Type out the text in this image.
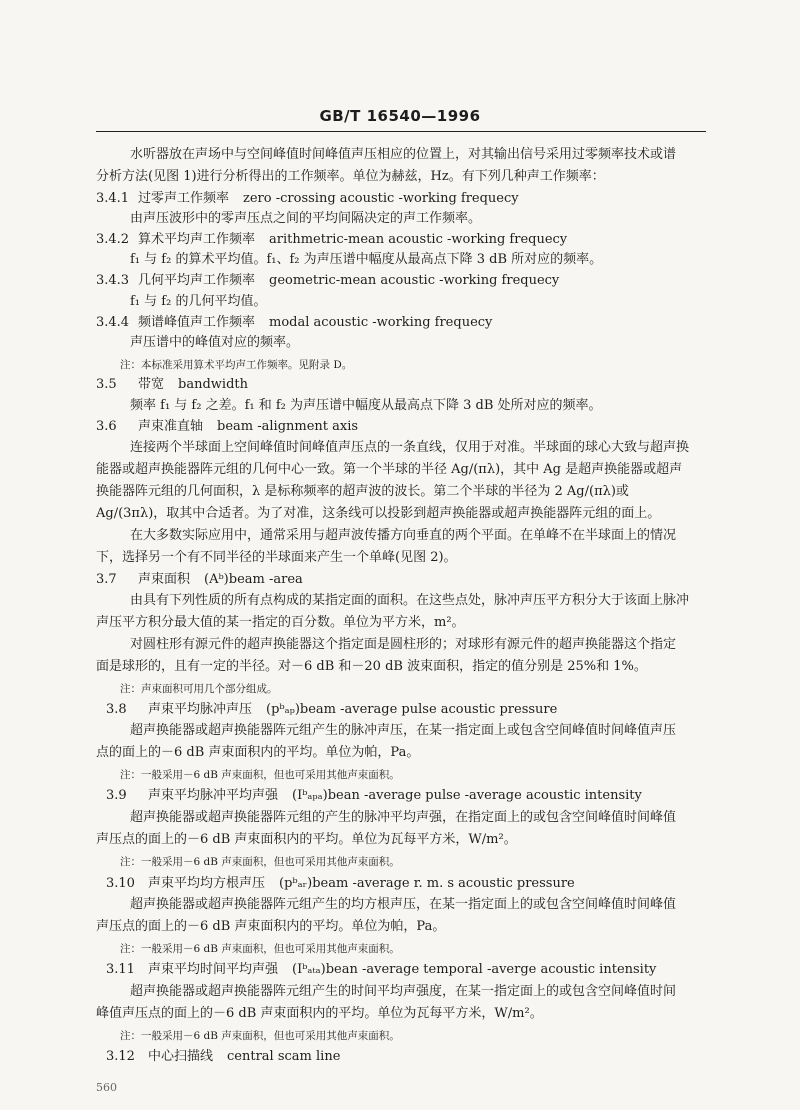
GB/T 16540—1996
水听器放在声场中与空间峰值时间峰值声压相应的位置上，对其输出信号采用过零频率技术或谱
分析方法(见图 1)进行分析得出的工作频率。单位为赫兹，Hz。有下列几种声工作频率：
3.4.1 过零声工作频率 zero -crossing acoustic -working frequecy
由声压波形中的零声压点之间的平均间隔决定的声工作频率。
3.4.2 算术平均声工作频率 arithmetric-mean acoustic -working frequecy
f₁ 与 f₂ 的算术平均值。f₁、f₂ 为声压谱中幅度从最高点下降 3 dB 所对应的频率。
3.4.3 几何平均声工作频率 geometric-mean acoustic -working frequecy
f₁ 与 f₂ 的几何平均值。
3.4.4 频谱峰值声工作频率 modal acoustic -working frequecy
声压谱中的峰值对应的频率。
注：本标准采用算术平均声工作频率。见附录 D。
3.5 带宽 bandwidth
频率 f₁ 与 f₂ 之差。f₁ 和 f₂ 为声压谱中幅度从最高点下降 3 dB 处所对应的频率。
3.6 声束准直轴 beam -alignment axis
连接两个半球面上空间峰值时间峰值声压点的一条直线，仅用于对准。半球面的球心大致与超声换
能器或超声换能器阵元组的几何中心一致。第一个半球的半径 Ag/(πλ)，其中 Ag 是超声换能器或超声
换能器阵元组的几何面积，λ 是标称频率的超声波的波长。第二个半球的半径为 2 Ag/(πλ)或
Ag/(3πλ)，取其中合适者。为了对准，这条线可以投影到超声换能器或超声换能器阵元组的面上。
在大多数实际应用中，通常采用与超声波传播方向垂直的两个平面。在单峰不在半球面上的情况
下，选择另一个有不同半径的半球面来产生一个单峰(见图 2)。
3.7 声束面积 (Aᵇ)beam -area
由具有下列性质的所有点构成的某指定面的面积。在这些点处，脉冲声压平方积分大于该面上脉冲
声压平方积分最大值的某一指定的百分数。单位为平方米，m²。
对圆柱形有源元件的超声换能器这个指定面是圆柱形的；对球形有源元件的超声换能器这个指定
面是球形的，且有一定的半径。对－6 dB 和－20 dB 波束面积，指定的值分别是 25%和 1%。
注：声束面积可用几个部分组成。
3.8 声束平均脉冲声压 (pᵇₐₚ)beam -average pulse acoustic pressure
超声换能器或超声换能器阵元组产生的脉冲声压，在某一指定面上或包含空间峰值时间峰值声压
点的面上的－6 dB 声束面积内的平均。单位为帕，Pa。
注：一般采用－6 dB 声束面积，但也可采用其他声束面积。
3.9 声束平均脉冲平均声强 (Iᵇₐₚₐ)bean -average pulse -average acoustic intensity
超声换能器或超声换能器阵元组的产生的脉冲平均声强，在指定面上的或包含空间峰值时间峰值
声压点的面上的－6 dB 声束面积内的平均。单位为瓦每平方米，W/m²。
注：一般采用－6 dB 声束面积，但也可采用其他声束面积。
3.10 声束平均均方根声压 (pᵇₐᵣ)beam -average r. m. s acoustic pressure
超声换能器或超声换能器阵元组产生的均方根声压，在某一指定面上的或包含空间峰值时间峰值
声压点的面上的－6 dB 声束面积内的平均。单位为帕，Pa。
注：一般采用－6 dB 声束面积，但也可采用其他声束面积。
3.11 声束平均时间平均声强 (Iᵇₐₜₐ)bean -average temporal -averge acoustic intensity
超声换能器或超声换能器阵元组产生的时间平均声强度，在某一指定面上的或包含空间峰值时间
峰值声压点的面上的－6 dB 声束面积内的平均。单位为瓦每平方米，W/m²。
注：一般采用－6 dB 声束面积，但也可采用其他声束面积。
3.12 中心扫描线 central scam line
560
